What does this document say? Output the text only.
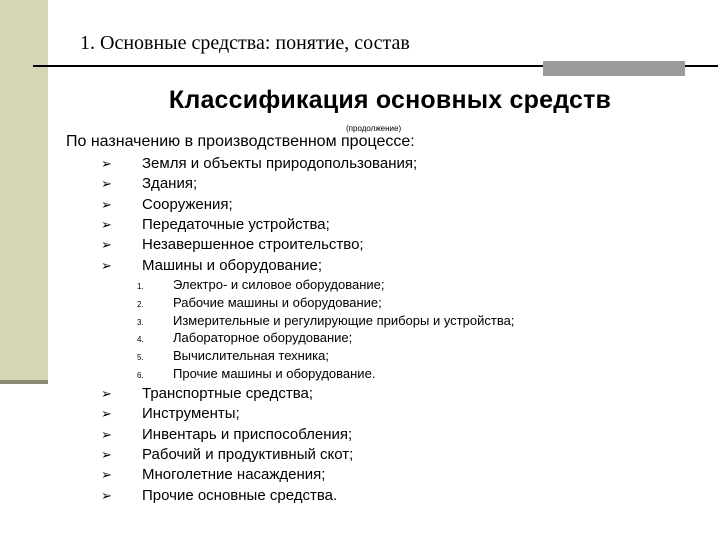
1. Основные средства: понятие, состав
Классификация основных средств
(продолжение)
По назначению в производственном процессе:
➢ Земля и объекты природопользования;
➢ Здания;
➢ Сооружения;
➢ Передаточные устройства;
➢ Незавершенное строительство;
➢ Машины и оборудование;
1. Электро- и силовое оборудование;
2. Рабочие машины и оборудование;
3. Измерительные и регулирующие приборы и устройства;
4. Лабораторное оборудование;
5. Вычислительная техника;
6. Прочие машины и оборудование.
➢ Транспортные средства;
➢ Инструменты;
➢ Инвентарь и приспособления;
➢ Рабочий и продуктивный скот;
➢ Многолетние насаждения;
➢ Прочие основные средства.
